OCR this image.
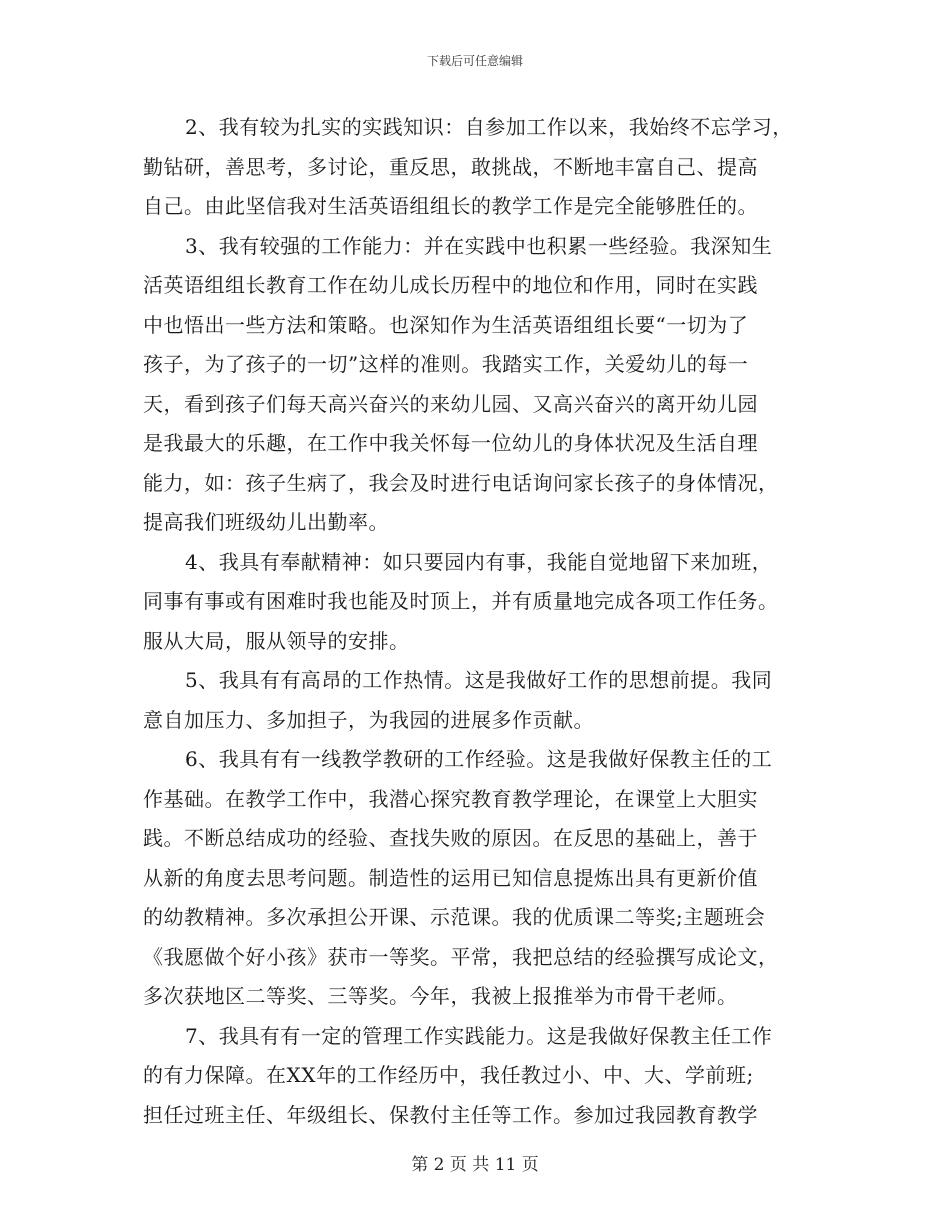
下载后可任意编辑
2、我有较为扎实的实践知识：自参加工作以来，我始终不忘学习，
勤钻研，善思考，多讨论，重反思，敢挑战，不断地丰富自己、提高
自己。由此坚信我对生活英语组组长的教学工作是完全能够胜任的。
3、我有较强的工作能力：并在实践中也积累一些经验。我深知生
活英语组组长教育工作在幼儿成长历程中的地位和作用，同时在实践
中也悟出一些方法和策略。也深知作为生活英语组组长要“一切为了
孩子，为了孩子的一切”这样的准则。我踏实工作，关爱幼儿的每一
天，看到孩子们每天高兴奋兴的来幼儿园、又高兴奋兴的离开幼儿园
是我最大的乐趣，在工作中我关怀每一位幼儿的身体状况及生活自理
能力，如：孩子生病了，我会及时进行电话询问家长孩子的身体情况，
提高我们班级幼儿出勤率。
4、我具有奉献精神：如只要园内有事，我能自觉地留下来加班，
同事有事或有困难时我也能及时顶上，并有质量地完成各项工作任务。
服从大局，服从领导的安排。
5、我具有有高昂的工作热情。这是我做好工作的思想前提。我同
意自加压力、多加担子，为我园的进展多作贡献。
6、我具有有一线教学教研的工作经验。这是我做好保教主任的工
作基础。在教学工作中，我潜心探究教育教学理论，在课堂上大胆实
践。不断总结成功的经验、查找失败的原因。在反思的基础上，善于
从新的角度去思考问题。制造性的运用已知信息提炼出具有更新价值
的幼教精神。多次承担公开课、示范课。我的优质课二等奖;主题班会
《我愿做个好小孩》获市一等奖。平常，我把总结的经验撰写成论文，
多次获地区二等奖、三等奖。今年，我被上报推举为市骨干老师。
7、我具有有一定的管理工作实践能力。这是我做好保教主任工作
的有力保障。在XX年的工作经历中，我任教过小、中、大、学前班;
担任过班主任、年级组长、保教付主任等工作。参加过我园教育教学
第 2 页 共 11 页
